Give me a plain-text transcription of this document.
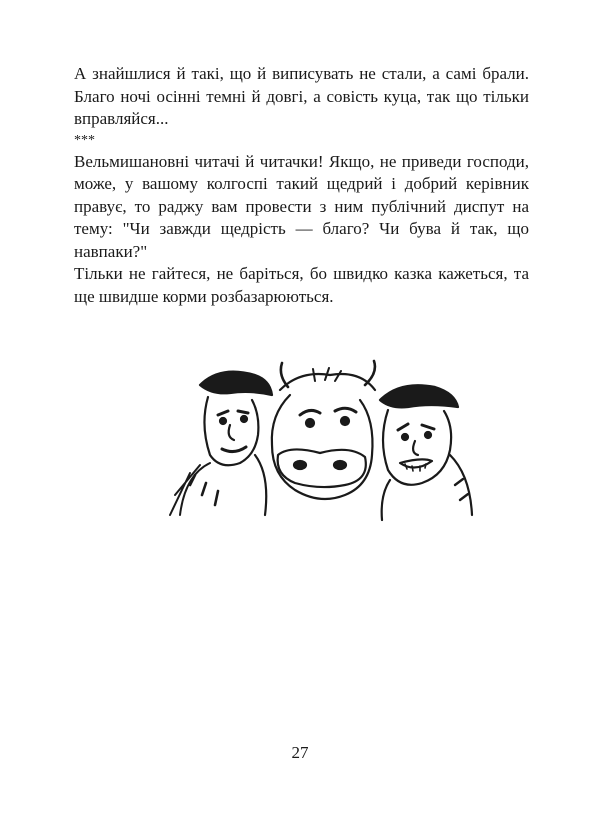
А знайшлися й такі, що й виписувать не стали, а самі брали. Благо ночі осінні темні й довгі, а совість куца, так що тільки вправляйся...

***

Вельмишановні читачі й читачки! Якщо, не приведи господи, може, у вашому колгоспі такий щедрий і добрий керівник правує, то раджу вам провести з ним публічний диспут на тему: "Чи завжди щедрість — благо? Чи бува й так, що навпаки?"

Тільки не гайтеся, не баріться, бо швидко казка кажеться, та ще швидше корми розбазарюються.

27
